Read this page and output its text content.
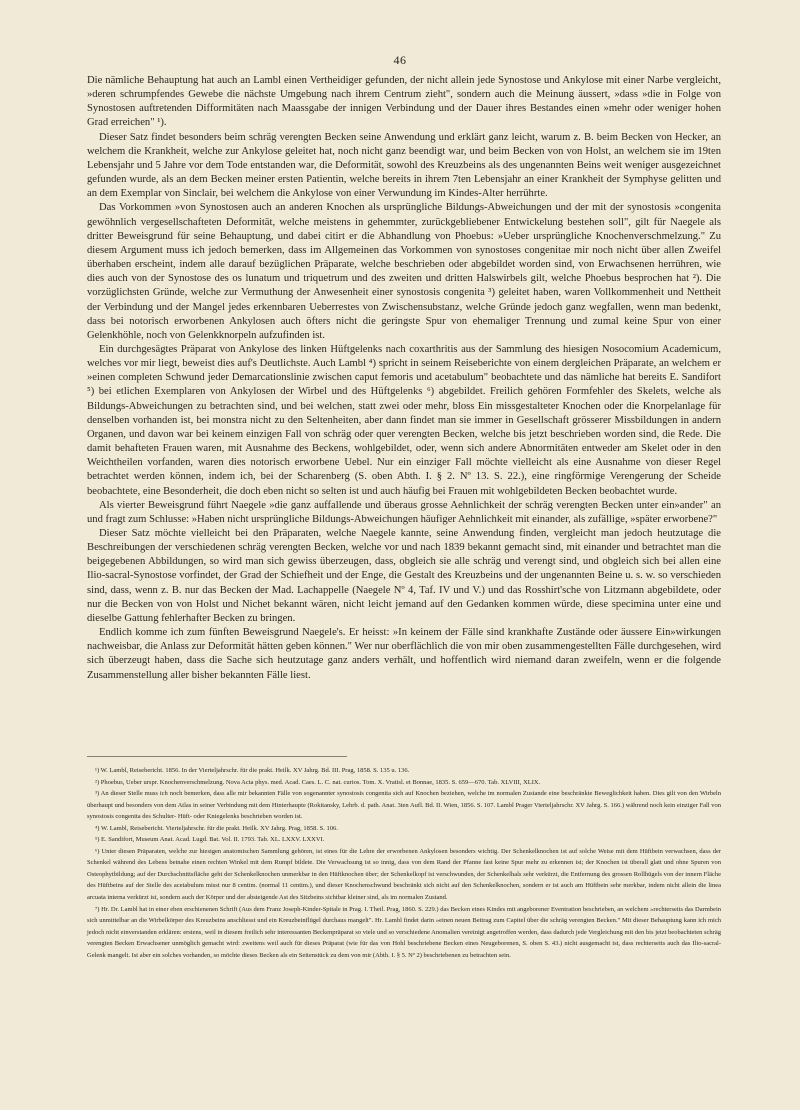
46

Die nämliche Behauptung hat auch an Lambl einen Vertheidiger gefunden, der nicht allein jede Synostose und Ankylose mit einer Narbe vergleicht, »deren schrumpfendes Gewebe die nächste Umgebung nach ihrem Centrum zieht", sondern auch die Meinung äussert, »dass »die in Folge von Synostosen auftretenden Difformitäten nach Maassgabe der innigen Verbindung und der Dauer ihres Bestandes einen »mehr oder weniger hohen Grad erreichen" ¹).

Dieser Satz findet besonders beim schräg verengten Becken seine Anwendung und erklärt ganz leicht, warum z. B. beim Becken von Hecker, an welchem die Krankheit, welche zur Ankylose geleitet hat, noch nicht ganz beendigt war, und beim Becken von von Holst, an welchem sie im 19ten Lebensjahr und 5 Jahre vor dem Tode entstanden war, die Deformität, sowohl des Kreuzbeins als des ungenannten Beins weit weniger ausgezeichnet gefunden wurde, als an dem Becken meiner ersten Patientin, welche bereits in ihrem 7ten Lebensjahr an einer Krankheit der Symphyse gelitten und an dem Exemplar von Sinclair, bei welchem die Ankylose von einer Verwundung im Kindes-Alter herrührte.

Das Vorkommen »von Synostosen auch an anderen Knochen als ursprüngliche Bildungs-Abweichungen und der mit der synostosis »congenita gewöhnlich vergesellschafteten Deformität, welche meistens in gehemmter, zurückgebliebener Entwickelung bestehen soll", gilt für Naegele als dritter Beweisgrund für seine Behauptung, und dabei citirt er die Abhandlung von Phoebus: »Ueber ursprüngliche Knochenverschmelzung." Zu diesem Argument muss ich jedoch bemerken, dass im Allgemeinen das Vorkommen von synostoses congenitae mir noch nicht über allen Zweifel überhaben erscheint, indem alle darauf bezüglichen Präparate, welche beschrieben oder abgebildet worden sind, von Erwachsenen herrühren, wie dies auch von der Synostose des os lunatum und triquetrum und des zweiten und dritten Halswirbels gilt, welche Phoebus besprochen hat ²). Die vorzüglichsten Gründe, welche zur Vermuthung der Anwesenheit einer synostosis congenita ³) geleitet haben, waren Vollkommenheit und Nettheit der Verbindung und der Mangel jedes erkennbaren Ueberrestes von Zwischensubstanz, welche Gründe jedoch ganz wegfallen, wenn man bedenkt, dass bei notorisch erworbenen Ankylosen auch öfters nicht die geringste Spur von ehemaliger Trennung und zumal keine Spur von einer Gelenkhöhle, noch von Gelenkknorpeln aufzufinden ist.

Ein durchgesägtes Präparat von Ankylose des linken Hüftgelenks nach coxarthritis aus der Sammlung des hiesigen Nosocomium Academicum, welches vor mir liegt, beweist dies auf's Deutlichste. Auch Lambl ⁴) spricht in seinem Reiseberichte von einem dergleichen Präparate, an welchem er »einen completen Schwund jeder Demarcationslinie zwischen caput femoris und acetabulum" beobachtete und das nämliche hat bereits E. Sandifort ⁵) bei etlichen Exemplaren von Ankylosen der Wirbel und des Hüftgelenks ⁶) abgebildet. Freilich gehören Formfehler des Skelets, welche als Bildungs-Abweichungen zu betrachten sind, und bei welchen, statt zwei oder mehr, bloss Ein missgestalteter Knochen oder die Knorpelanlage für denselben vorhanden ist, bei monstra nicht zu den Seltenheiten, aber dann findet man sie immer in Gesellschaft grösserer Missbildungen in andern Organen, und davon war bei keinem einzigen Fall von schräg oder quer verengten Becken, welche bis jetzt beschrieben worden sind, die Rede. Die damit behafteten Frauen waren, mit Ausnahme des Beckens, wohlgebildet, oder, wenn sich andere Abnormitäten entweder am Skelet oder in den Weichtheilen vorfanden, waren dies notorisch erworbene Uebel. Nur ein einziger Fall möchte vielleicht als eine Ausnahme von dieser Regel betrachtet werden können, indem ich, bei der Scharenberg (S. oben Abth. I. § 2. Nº 13. S. 22.), eine ringförmige Verengerung der Scheide beobachtete, eine Besonderheit, die doch eben nicht so selten ist und auch häufig bei Frauen mit wohlgebildeten Becken beobachtet wurde.

Als vierter Beweisgrund führt Naegele »die ganz auffallende und überaus grosse Aehnlichkeit der schräg verengten Becken unter ein»ander" an und fragt zum Schlusse: »Haben nicht ursprüngliche Bildungs-Abweichungen häufiger Aehnlichkeit mit einander, als zufällige, »später erworbene?"

Dieser Satz möchte vielleicht bei den Präparaten, welche Naegele kannte, seine Anwendung finden, vergleicht man jedoch heutzutage die Beschreibungen der verschiedenen schräg verengten Becken, welche vor und nach 1839 bekannt gemacht sind, mit einander und betrachtet man die beigegebenen Abbildungen, so wird man sich gewiss überzeugen, dass, obgleich sie alle schräg und verengt sind, und obgleich sich bei allen eine Ilio-sacral-Synostose vorfindet, der Grad der Schiefheit und der Enge, die Gestalt des Kreuzbeins und der ungenannten Beine u. s. w. so verschieden sind, dass, wenn z. B. nur das Becken der Mad. Lachappelle (Naegele Nº 4, Taf. IV und V.) und das Rosshirt'sche von Litzmann abgebildete, oder nur die Becken von von Holst und Nichet bekannt wären, nicht leicht jemand auf den Gedanken kommen würde, diese specimina unter eine und dieselbe Gattung fehlerhafter Becken zu bringen.

Endlich komme ich zum fünften Beweisgrund Naegele's. Er heisst: »In keinem der Fälle sind krankhafte Zustände oder äussere Ein»wirkungen nachweisbar, die Anlass zur Deformität hätten geben können." Wer nur oberflächlich die von mir oben zusammengestellten Fälle durchgesehen, wird sich überzeugt haben, dass die Sache sich heutzutage ganz anders verhält, und hoffentlich wird niemand daran zweifeln, wenn er die folgende Zusammenstellung aller bisher bekannten Fälle liest.

¹) W. Lambl, Reisebericht. 1856. In der Vierteljahrschr. für die prakt. Heilk. XV Jahrg. Bd. III. Prag, 1858. S. 135 u. 136.

²) Phoebus, Ueber urspr. Knochenverschmelzung. Nova Acta phys. med. Acad. Caes. L. C. nat. curios. Tom. X. Vratisl. et Bonnae, 1835. S. 659—670. Tab. XLVIII, XLIX.

³) An dieser Stelle muss ich noch bemerken, dass alle mir bekannten Fälle von sogenannter synostosis congenita sich auf Knochen beziehen, welche im normalen Zustande eine beschränkte Beweglichkeit haben. Dies gilt von den Wirbeln überhaupt und besonders von dem Atlas in seiner Verbindung mit dem Hinterhaupte (Rokitansky, Lehrb. d. path. Anat. 3ten Aufl. Bd. II. Wien, 1856. S. 107. Lambl Prager Vierteljahrschr. XV Jahrg. S. 166.) während noch kein einziger Fall von synostosis congenita des Schulter- Hüft- oder Kniegelenks beschrieben worden ist.

⁴) W. Lambl, Reisebericht. Vierteljahrschr. für die prakt. Heilk. XV Jahrg. Prag, 1858. S. 106.

⁵) E. Sandifort, Museum Anat. Acad. Lugd. Bat. Vol. II. 1793. Tab. XL. LXXV. LXXVI.

⁶) Unter diesen Präparaten, welche zur hiesigen anatomischen Sammlung gehören, ist eines für die Lehre der erworbenen Ankylosen besonders wichtig. Der Schenkelknochen ist auf solche Weise mit dem Hüftbein verwachsen, dass der Schenkel während des Lebens beinahe einen rechten Winkel mit dem Rumpf bildete. Die Verwachsung ist so innig, dass von dem Rand der Pfanne fast keine Spur mehr zu erkennen ist; der Knochen ist überall glatt und ohne Spuren von Osteophytbildung; auf der Durchschnittsfläche geht der Schenkelknochen unmerkbar in den Hüftknochen über; der Schenkelkopf ist verschwunden, der Schenkelhals sehr verkürzt, die Entfernung des grossen Rollhügels von der innern Fläche des Hüftbeins auf der Stelle des acetabulum misst nur 8 centim. (normal 11 centim.), und dieser Knochenschwund beschränkt sich nicht auf den Schenkelknochen, sondern er ist auch am Hüftbein sehr merkbar, indem nicht allein die linea arcuata interna verkürzt ist, sondern auch der Körper und der absteigende Ast des Sitzbeins sichtbar kleiner sind, als im normalen Zustand.

⁷) Hr. Dr. Lambl hat in einer eben erschienenen Schrift (Aus dem Franz Joseph-Kinder-Spitale in Prag. I. Theil. Prag, 1860. S. 229.) das Becken eines Kindes mit angeborener Eventration beschrieben, an welchem »rechterseits das Darmbein sich unmittelbar an die Wirbelkörper des Kreuzbeins anschliesst und ein Kreuzbeinflügel durchaus mangelt". Hr. Lambl findet darin »einen neuen Beitrag zum Capitel über die schräg verengten Becken." Mit dieser Behauptung kann ich mich jedoch nicht einverstanden erklären: erstens, weil in diesem freilich sehr interessanten Beckenpräparat so viele und so verschiedene Anomalien vereinigt angetroffen werden, dass dadurch jede Vergleichung mit den bis jetzt beobachteten schräg verengten Becken Erwachsener unmöglich gemacht wird: zweitens weil auch für dieses Präparat (wie für das von Hohl beschriebene Becken eines Neugeborenen, S. oben S. 43.) nicht ausgemacht ist, dass rechterseits auch das Ilio-sacral-Gelenk mangelt. Ist aber ein solches vorhanden, so möchte dieses Becken als ein Seitenstück zu dem von mir (Abth. I. § 5. Nº 2) beschriebenen zu betrachten sein.
